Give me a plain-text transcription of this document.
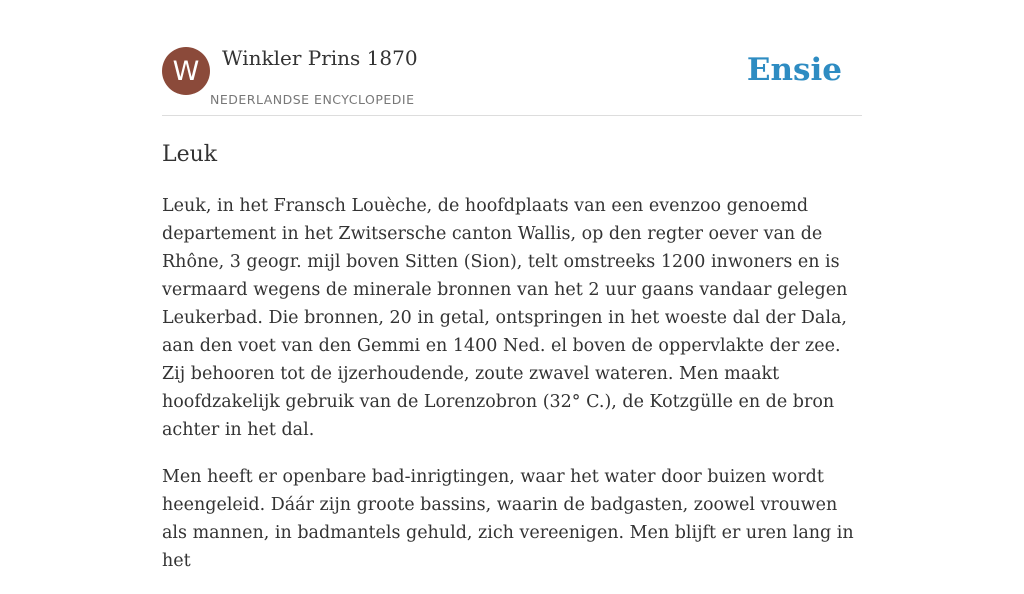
W	Winkler Prins 1870
NEDERLANDSE ENCYCLOPEDIE
Ensie
Leuk

Leuk, in het Fransch Louèche, de hoofdplaats van een evenzoo genoemd departement in het Zwitsersche canton Wallis, op den regter oever van de Rhône, 3 geogr. mijl boven Sitten (Sion), telt omstreeks 1200 inwoners en is vermaard wegens de minerale bronnen van het 2 uur gaans vandaar gelegen Leukerbad. Die bronnen, 20 in getal, ontspringen in het woeste dal der Dala, aan den voet van den Gemmi en 1400 Ned. el boven de oppervlakte der zee. Zij behooren tot de ijzerhoudende, zoute zwavel wateren. Men maakt hoofdzakelijk gebruik van de Lorenzobron (32° C.), de Kotzgülle en de bron achter in het dal.

Men heeft er openbare bad-inrigtingen, waar het water door buizen wordt heengeleid. Dáár zijn groote bassins, waarin de badgasten, zoowel vrouwen als mannen, in badmantels gehuld, zich vereenigen. Men blijft er uren lang in het
